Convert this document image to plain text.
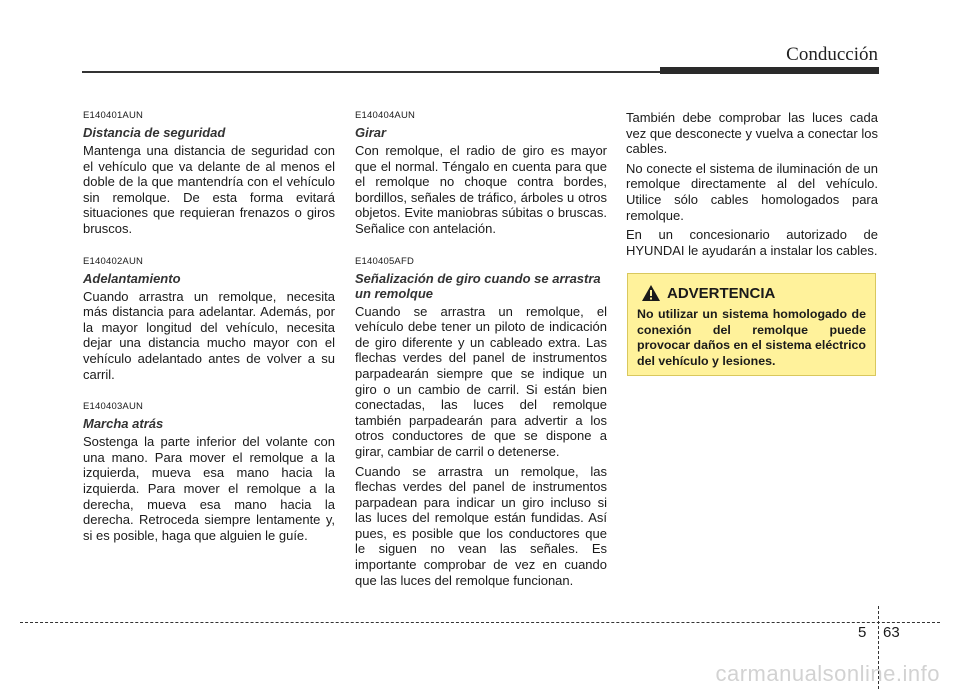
Conducción
E140401AUN
Distancia de seguridad
Mantenga una distancia de seguridad con el vehículo que va delante de al menos el doble de la que mantendría con el vehículo sin remolque. De esta forma evitará situaciones que requieran frenazos o giros bruscos.
E140402AUN
Adelantamiento
Cuando arrastra un remolque, necesita más distancia para adelantar. Además, por la mayor longitud del vehículo, necesita dejar una distancia mucho mayor con el vehículo adelantado antes de volver a su carril.
E140403AUN
Marcha atrás
Sostenga la parte inferior del volante con una mano. Para mover el remolque a la izquierda, mueva esa mano hacia la izquierda. Para mover el remolque a la derecha, mueva esa mano hacia la derecha. Retroceda siempre lentamente y, si es posible, haga que alguien le guíe.
E140404AUN
Girar
Con remolque, el radio de giro es mayor que el normal. Téngalo en cuenta para que el remolque no choque contra bordes, bordillos, señales de tráfico, árboles u otros objetos. Evite maniobras súbitas o bruscas. Señalice con antelación.
E140405AFD
Señalización de giro cuando se arrastra un remolque
Cuando se arrastra un remolque, el vehículo debe tener un piloto de indicación de giro diferente y un cableado extra. Las flechas verdes del panel de instrumentos parpadearán siempre que se indique un giro o un cambio de carril. Si están bien conectadas, las luces del remolque también parpadearán para advertir a los otros conductores de que se dispone a girar, cambiar de carril o detenerse.
Cuando se arrastra un remolque, las flechas verdes del panel de instrumentos parpadean para indicar un giro incluso si las luces del remolque están fundidas. Así pues, es posible que los conductores que le siguen no vean las señales. Es importante comprobar de vez en cuando que las luces del remolque funcionan.
También debe comprobar las luces cada vez que desconecte y vuelva a conectar los cables.
No conecte el sistema de iluminación de un remolque directamente al del vehículo. Utilice sólo cables homologados para remolque.
En un concesionario autorizado de HYUNDAI le ayudarán a instalar los cables.
ADVERTENCIA
No utilizar un sistema homologado de conexión del remolque puede provocar daños en el sistema eléctrico del vehículo y lesiones.
5 63
carmanualsonline.info
